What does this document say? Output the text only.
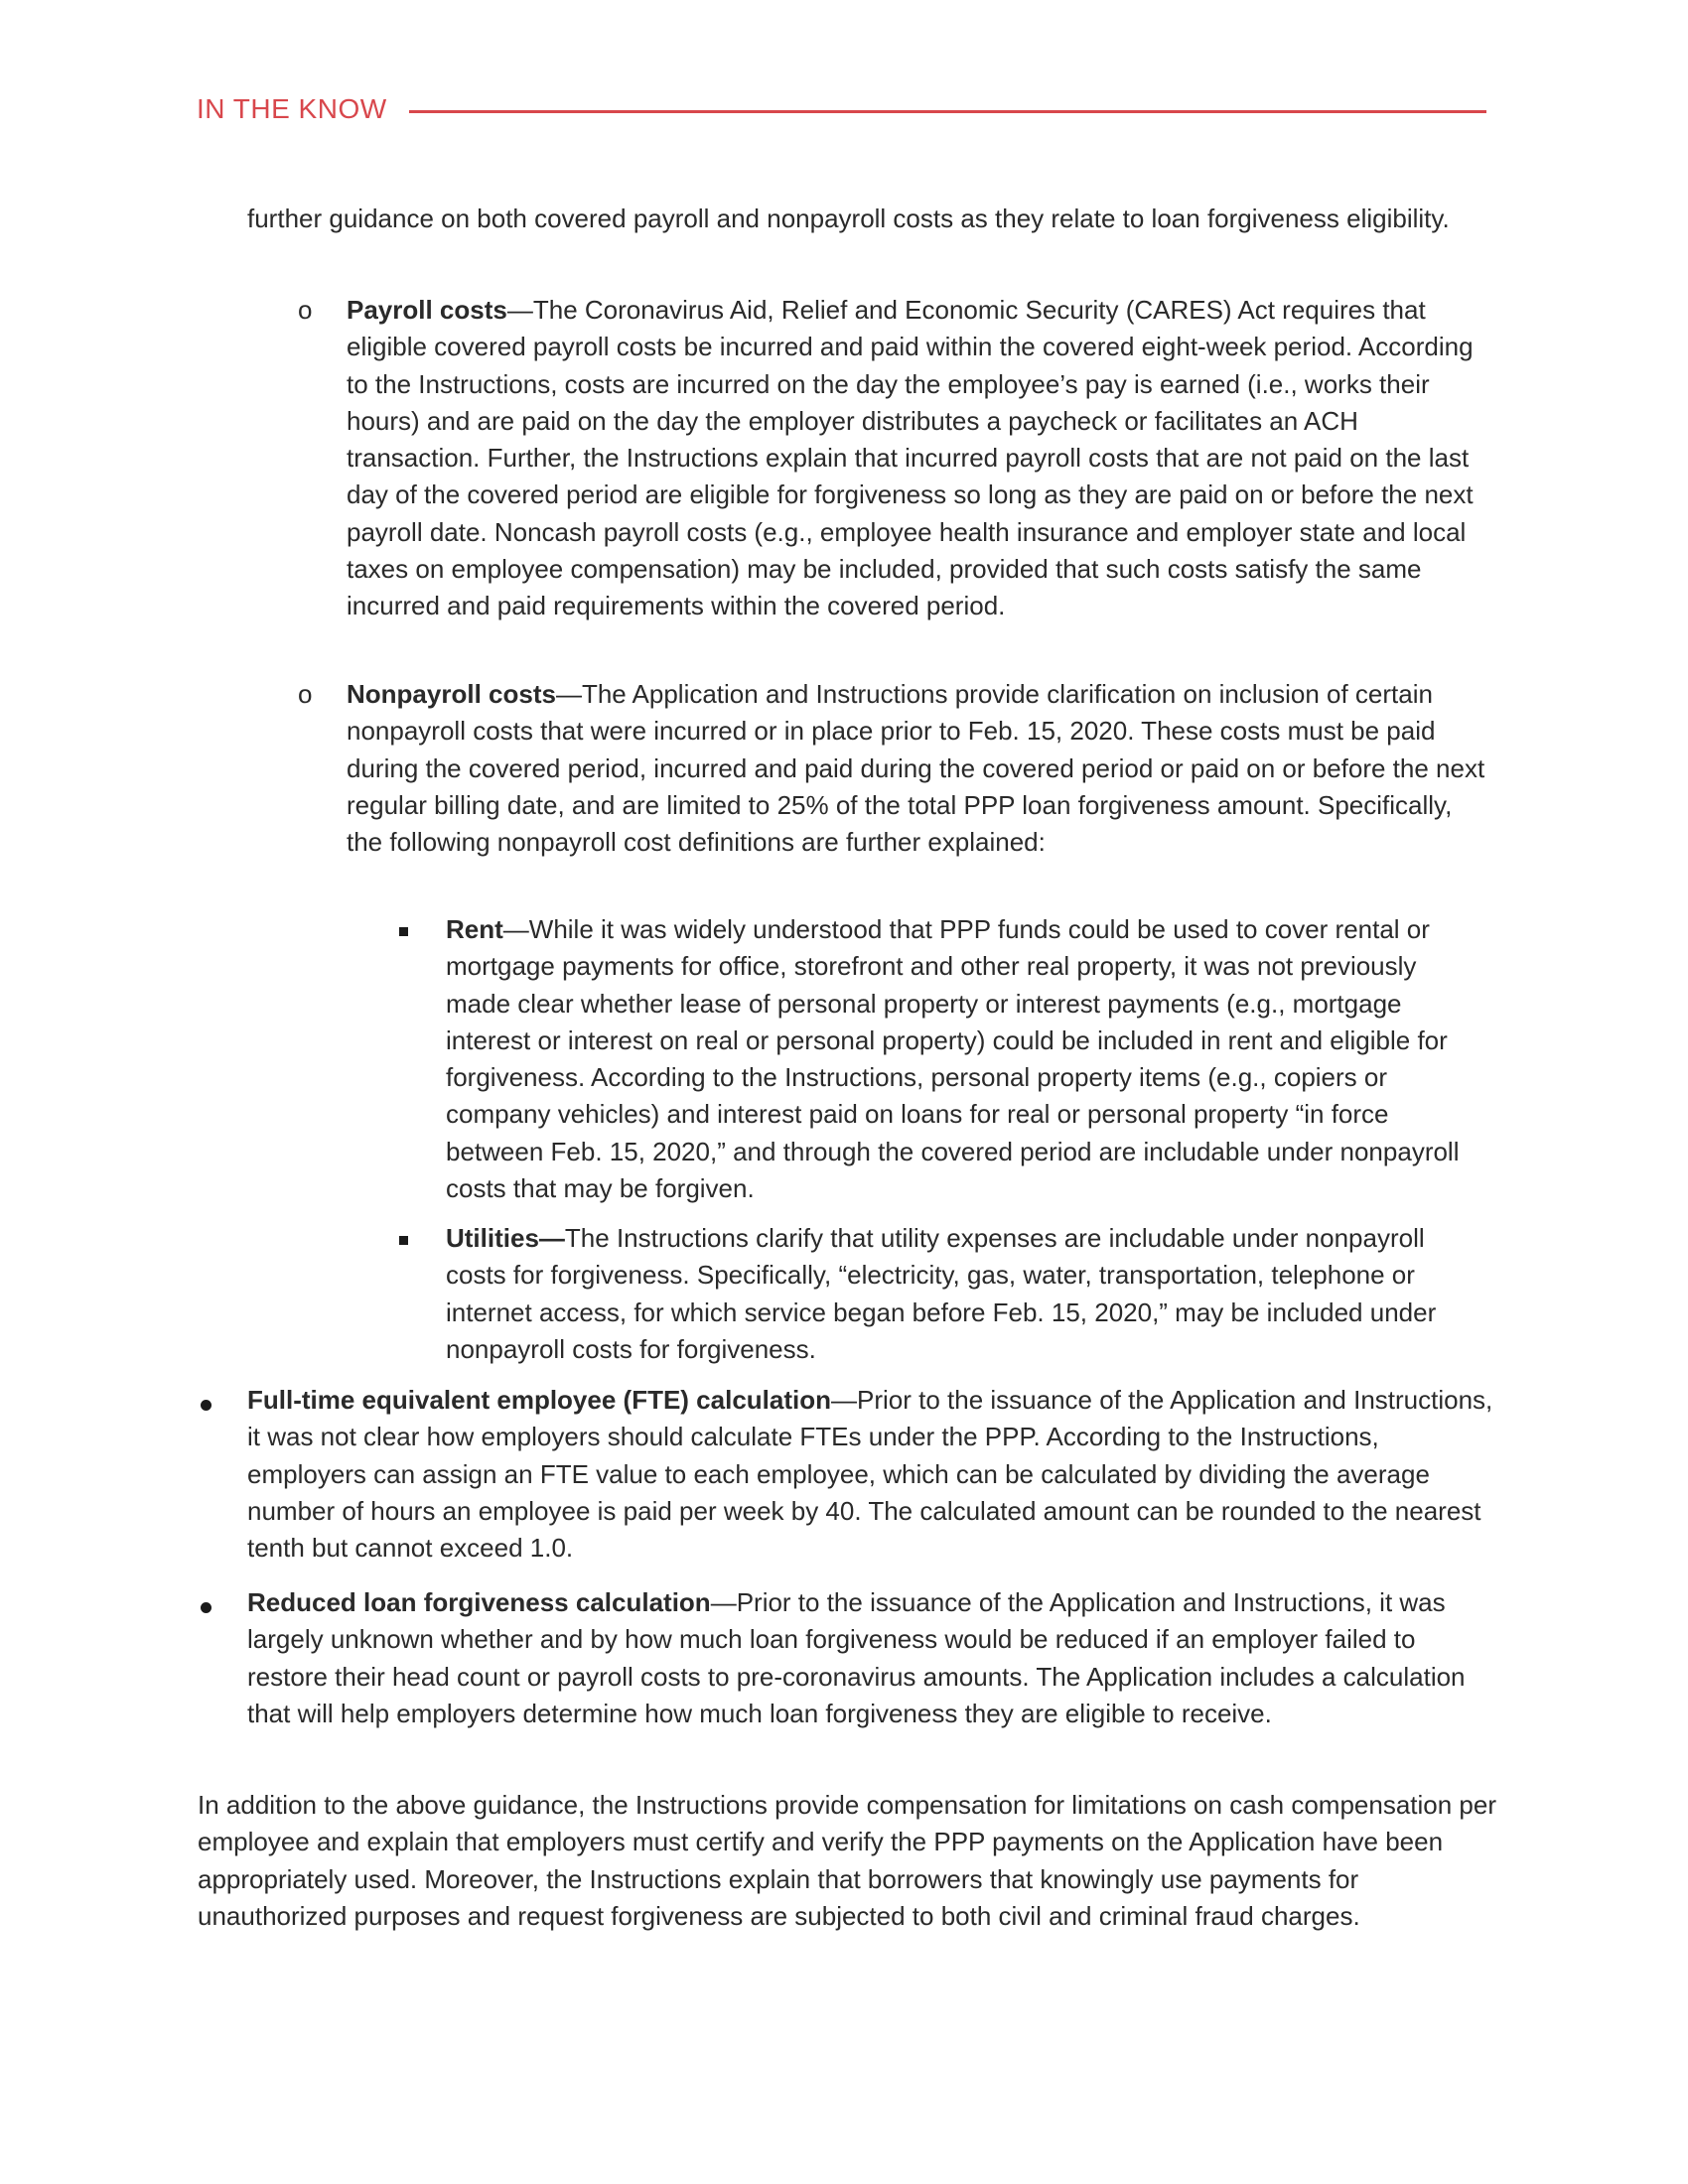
IN THE KNOW

further guidance on both covered payroll and nonpayroll costs as they relate to loan forgiveness eligibility.

o Payroll costs—The Coronavirus Aid, Relief and Economic Security (CARES) Act requires that eligible covered payroll costs be incurred and paid within the covered eight-week period. According to the Instructions, costs are incurred on the day the employee’s pay is earned (i.e., works their hours) and are paid on the day the employer distributes a paycheck or facilitates an ACH transaction. Further, the Instructions explain that incurred payroll costs that are not paid on the last day of the covered period are eligible for forgiveness so long as they are paid on or before the next payroll date. Noncash payroll costs (e.g., employee health insurance and employer state and local taxes on employee compensation) may be included, provided that such costs satisfy the same incurred and paid requirements within the covered period.

o Nonpayroll costs—The Application and Instructions provide clarification on inclusion of certain nonpayroll costs that were incurred or in place prior to Feb. 15, 2020. These costs must be paid during the covered period, incurred and paid during the covered period or paid on or before the next regular billing date, and are limited to 25% of the total PPP loan forgiveness amount. Specifically, the following nonpayroll cost definitions are further explained:

Rent—While it was widely understood that PPP funds could be used to cover rental or mortgage payments for office, storefront and other real property, it was not previously made clear whether lease of personal property or interest payments (e.g., mortgage interest or interest on real or personal property) could be included in rent and eligible for forgiveness. According to the Instructions, personal property items (e.g., copiers or company vehicles) and interest paid on loans for real or personal property “in force between Feb. 15, 2020,” and through the covered period are includable under nonpayroll costs that may be forgiven.

Utilities—The Instructions clarify that utility expenses are includable under nonpayroll costs for forgiveness. Specifically, “electricity, gas, water, transportation, telephone or internet access, for which service began before Feb. 15, 2020,” may be included under nonpayroll costs for forgiveness.

Full-time equivalent employee (FTE) calculation—Prior to the issuance of the Application and Instructions, it was not clear how employers should calculate FTEs under the PPP. According to the Instructions, employers can assign an FTE value to each employee, which can be calculated by dividing the average number of hours an employee is paid per week by 40. The calculated amount can be rounded to the nearest tenth but cannot exceed 1.0.

Reduced loan forgiveness calculation—Prior to the issuance of the Application and Instructions, it was largely unknown whether and by how much loan forgiveness would be reduced if an employer failed to restore their head count or payroll costs to pre-coronavirus amounts. The Application includes a calculation that will help employers determine how much loan forgiveness they are eligible to receive.

In addition to the above guidance, the Instructions provide compensation for limitations on cash compensation per employee and explain that employers must certify and verify the PPP payments on the Application have been appropriately used. Moreover, the Instructions explain that borrowers that knowingly use payments for unauthorized purposes and request forgiveness are subjected to both civil and criminal fraud charges.
